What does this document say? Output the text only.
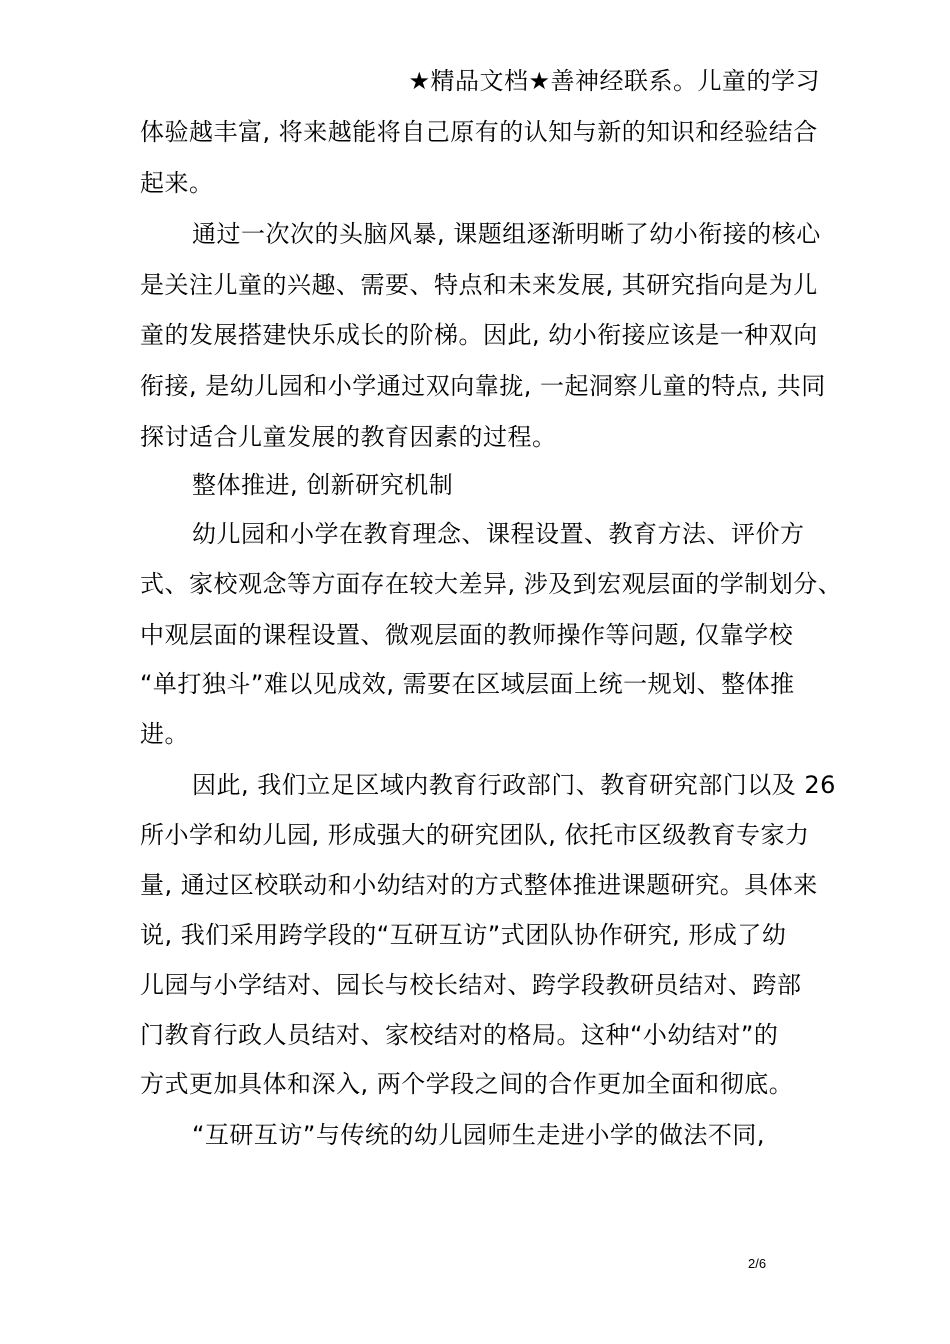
★精品文档★善神经联系。儿童的学习
体验越丰富, 将来越能将自己原有的认知与新的知识和经验结合
起来。
通过一次次的头脑风暴, 课题组逐渐明晰了幼小衔接的核心
是关注儿童的兴趣、需要、特点和未来发展, 其研究指向是为儿
童的发展搭建快乐成长的阶梯。因此, 幼小衔接应该是一种双向
衔接, 是幼儿园和小学通过双向靠拢, 一起洞察儿童的特点, 共同
探讨适合儿童发展的教育因素的过程。
整体推进, 创新研究机制
幼儿园和小学在教育理念、课程设置、教育方法、评价方
式、家校观念等方面存在较大差异, 涉及到宏观层面的学制划分、
中观层面的课程设置、微观层面的教师操作等问题, 仅靠学校
“单打独斗”难以见成效, 需要在区域层面上统一规划、整体推
进。
因此, 我们立足区域内教育行政部门、教育研究部门以及 26
所小学和幼儿园, 形成强大的研究团队, 依托市区级教育专家力
量, 通过区校联动和小幼结对的方式整体推进课题研究。具体来
说, 我们采用跨学段的“互研互访”式团队协作研究, 形成了幼
儿园与小学结对、园长与校长结对、跨学段教研员结对、跨部
门教育行政人员结对、家校结对的格局。这种“小幼结对”的
方式更加具体和深入, 两个学段之间的合作更加全面和彻底。
“互研互访”与传统的幼儿园师生走进小学的做法不同,
2/6
